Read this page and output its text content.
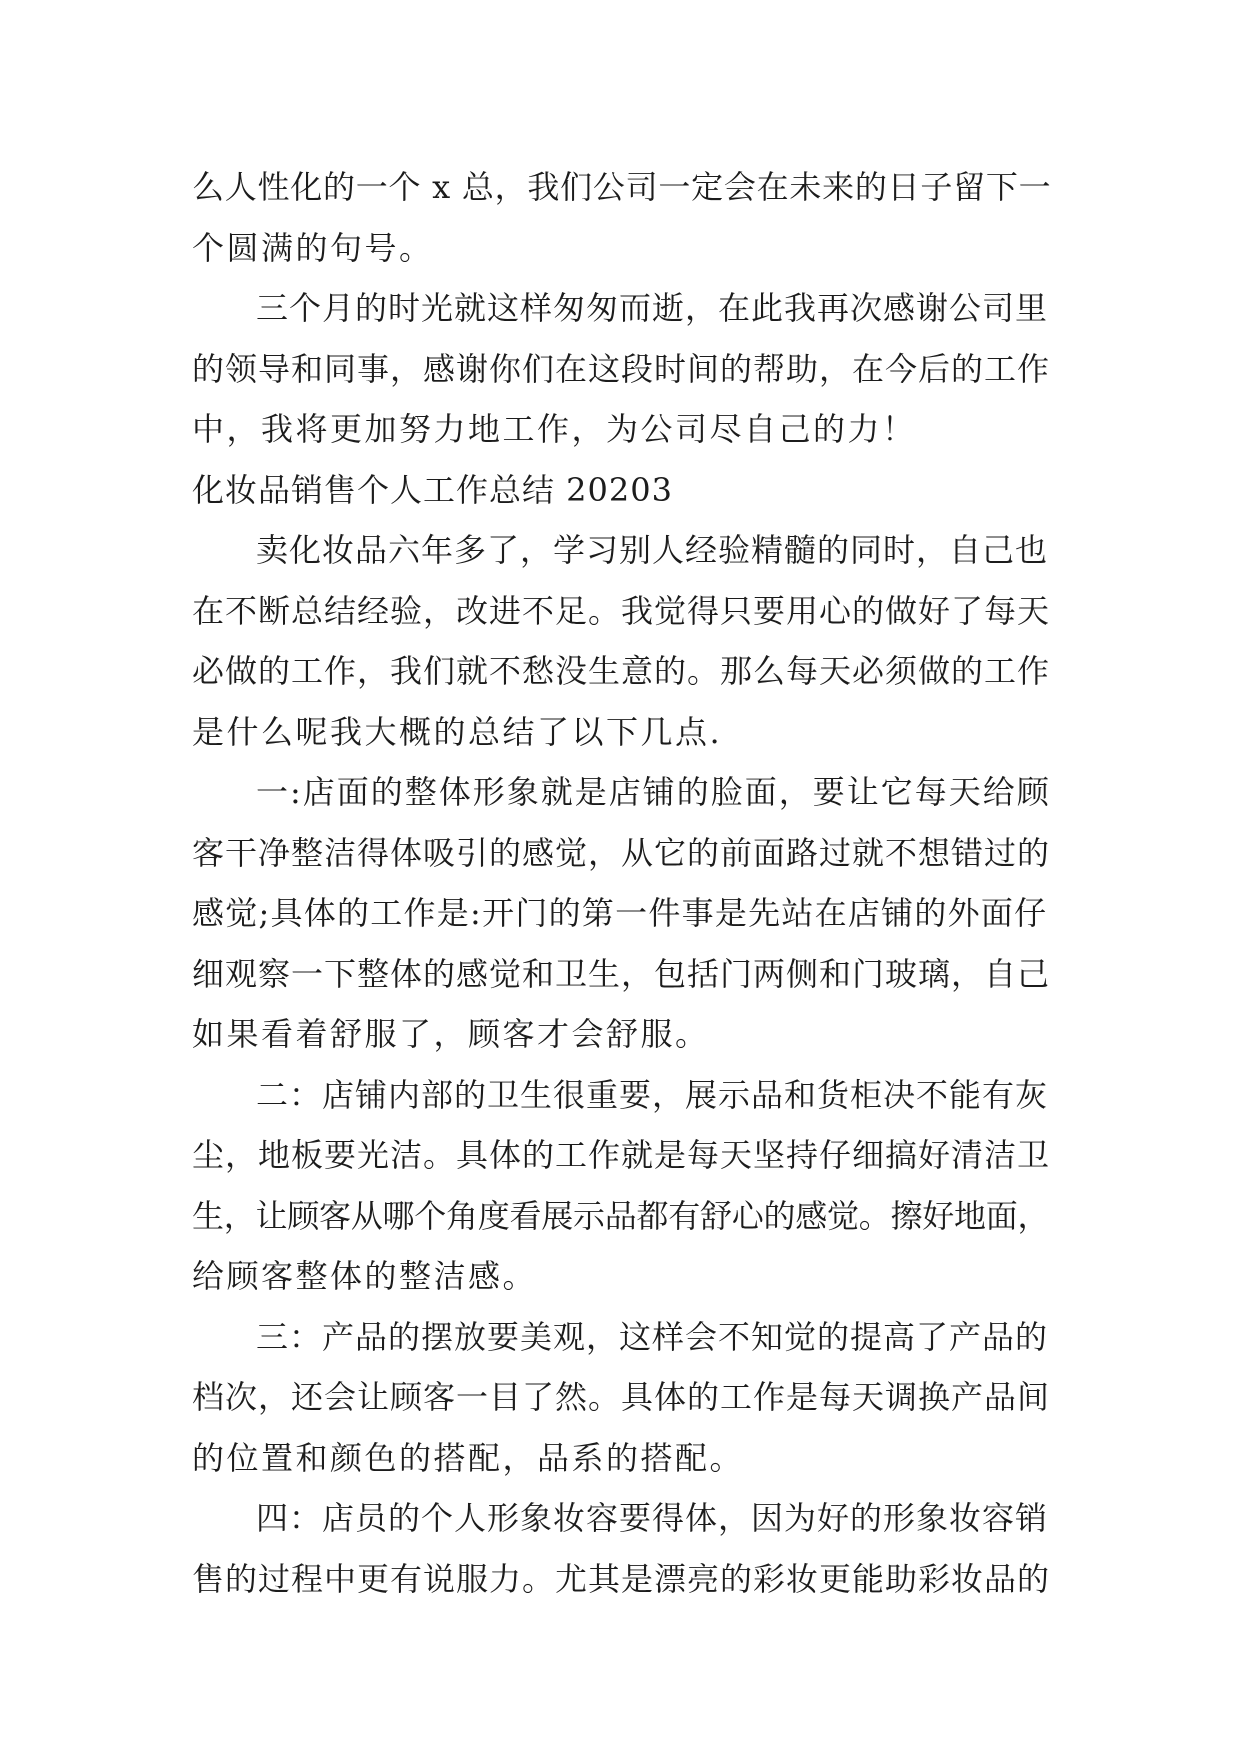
么人性化的一个 x 总，我们公司一定会在未来的日子留下一
个圆满的句号。
三个月的时光就这样匆匆而逝，在此我再次感谢公司里
的领导和同事，感谢你们在这段时间的帮助，在今后的工作
中，我将更加努力地工作，为公司尽自己的力！
化妆品销售个人工作总结 20203
卖化妆品六年多了，学习别人经验精髓的同时，自己也
在不断总结经验，改进不足。我觉得只要用心的做好了每天
必做的工作，我们就不愁没生意的。那么每天必须做的工作
是什么呢我大概的总结了以下几点.
一:店面的整体形象就是店铺的脸面，要让它每天给顾
客干净整洁得体吸引的感觉，从它的前面路过就不想错过的
感觉;具体的工作是:开门的第一件事是先站在店铺的外面仔
细观察一下整体的感觉和卫生，包括门两侧和门玻璃，自己
如果看着舒服了，顾客才会舒服。
二：店铺内部的卫生很重要，展示品和货柜决不能有灰
尘，地板要光洁。具体的工作就是每天坚持仔细搞好清洁卫
生，让顾客从哪个角度看展示品都有舒心的感觉。擦好地面，
给顾客整体的整洁感。
三：产品的摆放要美观，这样会不知觉的提高了产品的
档次，还会让顾客一目了然。具体的工作是每天调换产品间
的位置和颜色的搭配，品系的搭配。
四：店员的个人形象妆容要得体，因为好的形象妆容销
售的过程中更有说服力。尤其是漂亮的彩妆更能助彩妆品的
